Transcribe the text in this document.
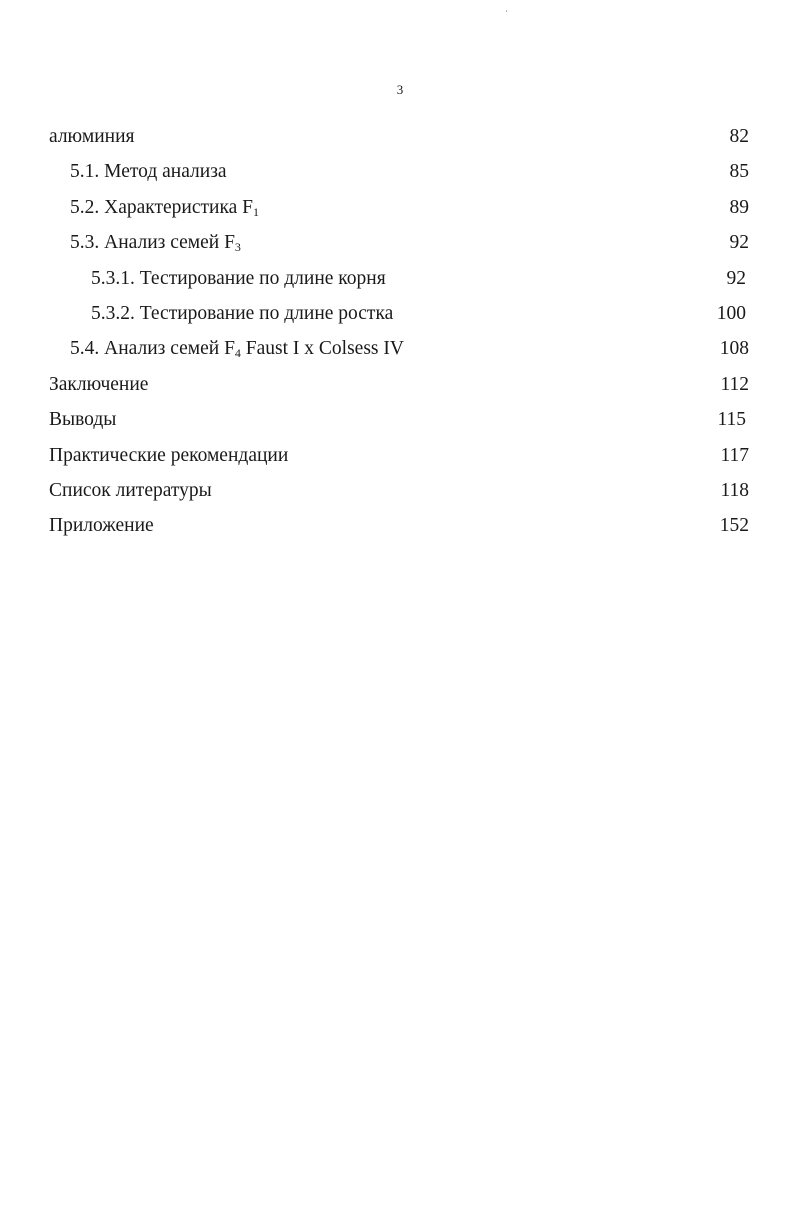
3
алюминия	82
5.1. Метод анализа	85
5.2. Характеристика $F_1$	89
5.3. Анализ семей $F_3$	92
5.3.1. Тестирование по длине корня	92
5.3.2. Тестирование по длине ростка	100
5.4. Анализ семей $F_4$ Faust I x Colsess IV	108
Заключение	112
Выводы	115
Практические рекомендации	117
Список литературы	118
Приложение	152
